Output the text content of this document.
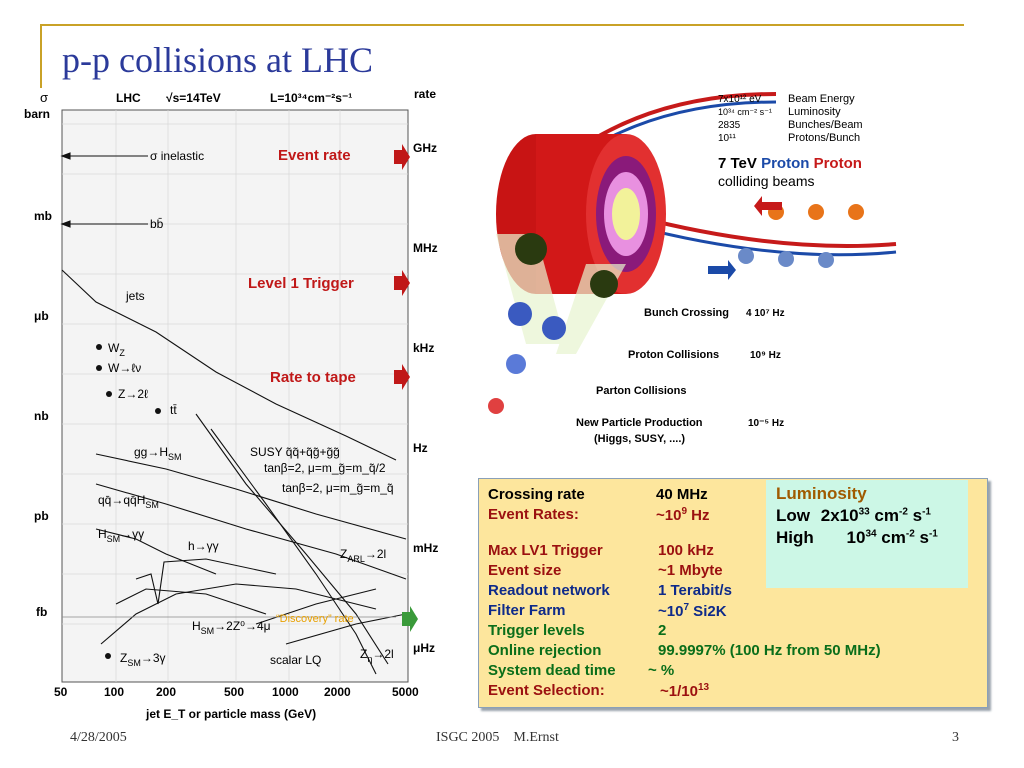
p-p collisions at LHC
σ
barn
mb
μb
nb
pb
fb
LHC √s=14TeV	L=10³⁴cm⁻²s⁻¹	rate
GHz
MHz
kHz
Hz
mHz
μHz
50	100	200	500 1000 2000	5000
jet E_T or particle mass (GeV)
σ inelastic
bb̄
jets
$W_Z$
W→ℓν
Z→2ℓ
tt̄
$gg\to H_{SM}$	SUSY q̃q̃+q̃g̃+g̃g̃
tanβ=2, μ=m_g̃=m_q̃/2
tanβ=2, μ=m_g̃=m_q̃
$qq̄\to qq̄H_{SM}$
$H_{SM}\to\gamma\gamma$
h→γγ
$Z_{ARL}\to 2l$
“Discovery” rate
$H_{SM}\to 2Z^0\to 4\mu$
$Z_{SM}\to 3\gamma$	scalar LQ	$Z_\eta\to 2l$
Event rate
Level 1 Trigger
Rate to tape
7x10¹² eV Beam Energy
10³⁴ cm⁻² s⁻¹ Luminosity
2835	Bunches/Beam
10¹¹	Protons/Bunch
7 TeV Proton Proton
colliding beams
Bunch Crossing 4 10⁷ Hz
Proton Collisions	10⁹ Hz
Parton Collisions
New Particle Production	10⁻⁵ Hz
(Higgs, SUSY, ....)
Crossing rate	40 MHz
Event Rates:	$\sim 10^9$ Hz
Max LV1 Trigger	100 kHz
Event size	~1 Mbyte
Readout network	1 Terabit/s
Filter Farm	$\sim 10^7$ Si2K
Trigger levels	2
Online rejection	99.9997% (100 Hz from 50 MHz)
System dead time ~ %
Event Selection:	$\sim 1/10^{13}$
Luminosity
Low $2x10^{33}$ $cm^{-2}$ $s^{-1}$
High $10^{34}$ $cm^{-2}$ $s^{-1}$
4/28/2005	ISGC 2005    M.Ernst	3
